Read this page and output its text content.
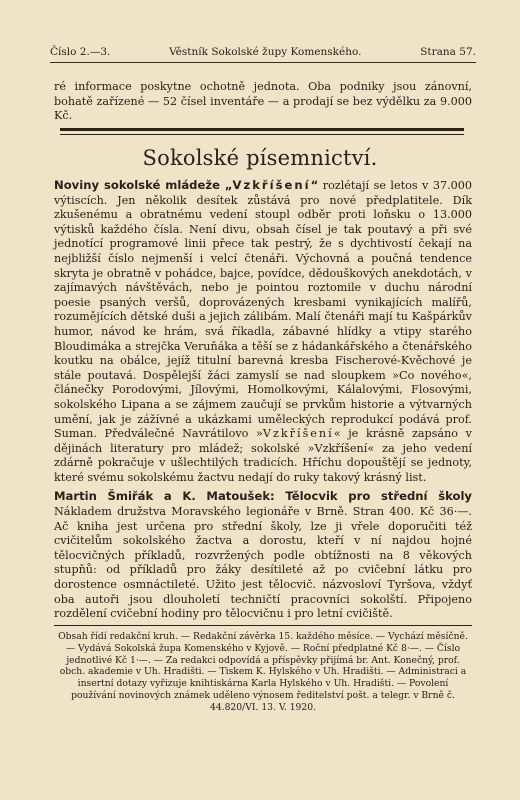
Číslo 2.—3.	Věstník Sokolské župy Komenského.	Strana 57.
ré informace poskytne ochotně jednota. Oba podniky jsou zánovní, bohatě zařízené — 52 čísel inventáře — a prodají se bez výdělku za 9.000 Kč.
Sokolské písemnictví.

Noviny sokolské mládeže „Vzkříšení“ rozlétají se letos v 37.000 výtiscích. Jen několik desítek zůstává pro nové předplatitele. Dík zkušenému a obratnému vedení stoupl odběr proti loňsku o 13.000 výtisků každého čísla. Není divu, obsah čísel je tak poutavý a při své jednotící programové linii přece tak pestrý, že s dychtivostí čekají na nejbližší číslo nejmenší i velcí čtenáři. Výchovná a poučná tendence skryta je obratně v pohádce, bajce, povídce, dědouškových anekdotách, v zajímavých návštěvách, nebo je pointou roztomile v duchu národní poesie psaných veršů, doprovázených kresbami vynikajících malířů, rozumějících dětské duši a jejich zálibám. Malí čtenáři mají tu Kašpárkův humor, návod ke hrám, svá říkadla, zábavné hlídky a vtipy starého Bloudimáka a strejčka Veruňáka a těší se z hádankářského a čtenářského koutku na obálce, jejíž titulní barevná kresba Fischerové-Kvěchové je stále poutavá. Dospělejší žáci zamyslí se nad sloupkem »Co nového«, článečky Porodovými, Jílovými, Homolkovými, Kálalovými, Flosovými, sokolského Lipana a se zájmem zaučují se prvkům historie a výtvarných umění, jak je zážívné a ukázkami uměleckých reprodukcí podává prof. Suman. Předválečné Navrátilovo »Vzkříšení« je krásně zapsáno v dějinách literatury pro mládež; sokolské »Vzkříšení« za jeho vedení zdárně pokračuje v ušlechtilých tradicích. Hříchu dopouštějí se jednoty, které svému sokolskému žactvu nedají do ruky takový krásný list.

Martin Šmiřák a K. Matoušek: Tělocvik pro střední školy Nákladem družstva Moravského legionáře v Brně. Stran 400. Kč 36·—. Ač kniha jest určena pro střední školy, lze ji vřele doporučiti též cvičitelům sokolského žactva a dorostu, kteří v ní najdou hojné tělocvičných příkladů, rozvržených podle obtížnosti na 8 věkových stupňů: od příkladů pro žáky desítileté až po cvičební látku pro dorostence osmnáctileté. Užito jest tělocvič. názvosloví Tyršova, vždyť oba autoři jsou dlouholetí techničtí pracovníci sokolští. Připojeno rozdělení cvičební hodiny pro tělocvičnu i pro letní cvičiště.

Obsah řídí redakční kruh. — Redakční závěrka 15. každého měsíce. — Vychází měsíčně. — Vydává Sokolská župa Komenského v Kyjově. — Roční předplatné Kč 8·—. — Číslo jednotlivé Kč 1·—. — Za redakci odpovídá a příspěvky přijímá br. Ant. Konečný, prof. obch. akademie v Uh. Hradišti. — Tiskem K. Hylského v Uh. Hradišti. — Administraci a insertní dotazy vyřizuje knihtiskárna Karla Hylského v Uh. Hradišti. — Povolení používání novinových známek uděleno výnosem ředitelství pošt. a telegr. v Brně č. 44.820/VI. 13. V. 1920.
